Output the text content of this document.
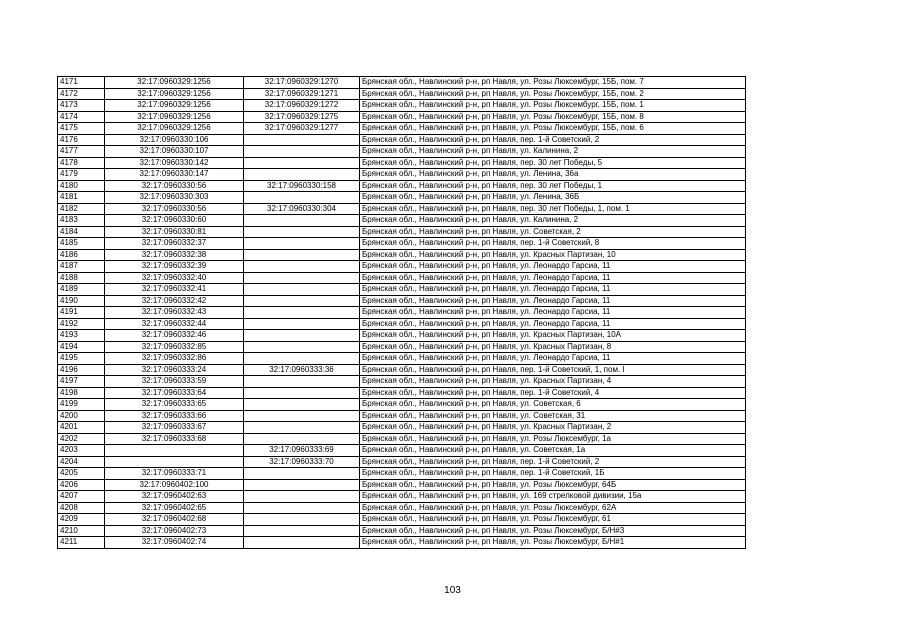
4171	32:17:0960329:1256	32:17:0960329:1270	Брянская обл., Навлинский р-н, рп Навля, ул. Розы Люксембург, 15Б, пом. 7
4172	32:17:0960329:1256	32:17:0960329:1271	Брянская обл., Навлинский р-н, рп Навля, ул. Розы Люксембург, 15Б, пом. 2
4173	32:17:0960329:1256	32:17:0960329:1272	Брянская обл., Навлинский р-н, рп Навля, ул. Розы Люксембург, 15Б, пом. 1
4174	32:17:0960329:1256	32:17:0960329:1275	Брянская обл., Навлинский р-н, рп Навля, ул. Розы Люксембург, 15Б, пом. 8
4175	32:17:0960329:1256	32:17:0960329:1277	Брянская обл., Навлинский р-н, рп Навля, ул. Розы Люксембург, 15Б, пом. 6
4176	32:17:0960330:106		Брянская обл., Навлинский р-н, рп Навля, пер. 1-й Советский, 2
4177	32:17:0960330:107		Брянская обл., Навлинский р-н, рп Навля, ул. Калинина, 2
4178	32:17:0960330:142		Брянская обл., Навлинский р-н, рп Навля, пер. 30 лет Победы, 5
4179	32:17:0960330:147		Брянская обл., Навлинский р-н, рп Навля, ул. Ленина, 36а
4180	32:17:0960330:56	32:17:0960330:158	Брянская обл., Навлинский р-н, рп Навля, пер. 30 лет Победы, 1
4181	32:17:0960330:303		Брянская обл., Навлинский р-н, рп Навля, ул. Ленина, 36Б
4182	32:17:0960330:56	32:17:0960330:304	Брянская обл., Навлинский р-н, рп Навля, пер. 30 лет Победы, 1, пом. 1
4183	32:17:0960330:60		Брянская обл., Навлинский р-н, рп Навля, ул. Калинина, 2
4184	32:17:0960330:81		Брянская обл., Навлинский р-н, рп Навля, ул. Советская, 2
4185	32:17:0960332:37		Брянская обл., Навлинский р-н, рп Навля, пер. 1-й Советский, 8
4186	32:17:0960332:38		Брянская обл., Навлинский р-н, рп Навля, ул. Красных Партизан, 10
4187	32:17:0960332:39		Брянская обл., Навлинский р-н, рп Навля, ул. Леонардо Гарсиа, 11
4188	32:17:0960332:40		Брянская обл., Навлинский р-н, рп Навля, ул. Леонардо Гарсиа, 11
4189	32:17:0960332:41		Брянская обл., Навлинский р-н, рп Навля, ул. Леонардо Гарсиа, 11
4190	32:17:0960332:42		Брянская обл., Навлинский р-н, рп Навля, ул. Леонардо Гарсиа, 11
4191	32:17:0960332:43		Брянская обл., Навлинский р-н, рп Навля, ул. Леонардо Гарсиа, 11
4192	32:17:0960332:44		Брянская обл., Навлинский р-н, рп Навля, ул. Леонардо Гарсиа, 11
4193	32:17:0960332:46		Брянская обл., Навлинский р-н, рп Навля, ул. Красных Партизан, 10А
4194	32:17:0960332:85		Брянская обл., Навлинский р-н, рп Навля, ул. Красных Партизан, 8
4195	32:17:0960332:86		Брянская обл., Навлинский р-н, рп Навля, ул. Леонардо Гарсиа, 11
4196	32:17:0960333:24	32:17:0960333:36	Брянская обл., Навлинский р-н, рп Навля, пер. 1-й Советский, 1, пом. I
4197	32:17:0960333:59		Брянская обл., Навлинский р-н, рп Навля, ул. Красных Партизан, 4
4198	32:17:0960333:64		Брянская обл., Навлинский р-н, рп Навля, пер. 1-й Советский, 4
4199	32:17:0960333:65		Брянская обл., Навлинский р-н, рп Навля, ул. Советская, 6
4200	32:17:0960333:66		Брянская обл., Навлинский р-н, рп Навля, ул. Советская, 31
4201	32:17:0960333:67		Брянская обл., Навлинский р-н, рп Навля, ул. Красных Партизан, 2
4202	32:17:0960333:68		Брянская обл., Навлинский р-н, рп Навля, ул. Розы Люксембург, 1а
4203		32:17:0960333:69	Брянская обл., Навлинский р-н, рп Навля, ул. Советская, 1а
4204		32:17:0960333:70	Брянская обл., Навлинский р-н, рп Навля, пер. 1-й Советский, 2
4205	32:17:0960333:71		Брянская обл., Навлинский р-н, рп Навля, пер. 1-й Советский, 1Б
4206	32:17:0960402:100		Брянская обл., Навлинский р-н, рп Навля, ул. Розы Люксембург, 64Б
4207	32:17:0960402:63		Брянская обл., Навлинский р-н, рп Навля, ул. 169 стрелковой дивизии, 15а
4208	32:17:0960402:65		Брянская обл., Навлинский р-н, рп Навля, ул. Розы Люксембург, 62А
4209	32:17:0960402:68		Брянская обл., Навлинский р-н, рп Навля, ул. Розы Люксембург, 61
4210	32:17:0960402:73		Брянская обл., Навлинский р-н, рп Навля, ул. Розы Люксембург, Б/Н#3
4211	32:17:0960402:74		Брянская обл., Навлинский р-н, рп Навля, ул. Розы Люксембург, Б/Н#1
103
